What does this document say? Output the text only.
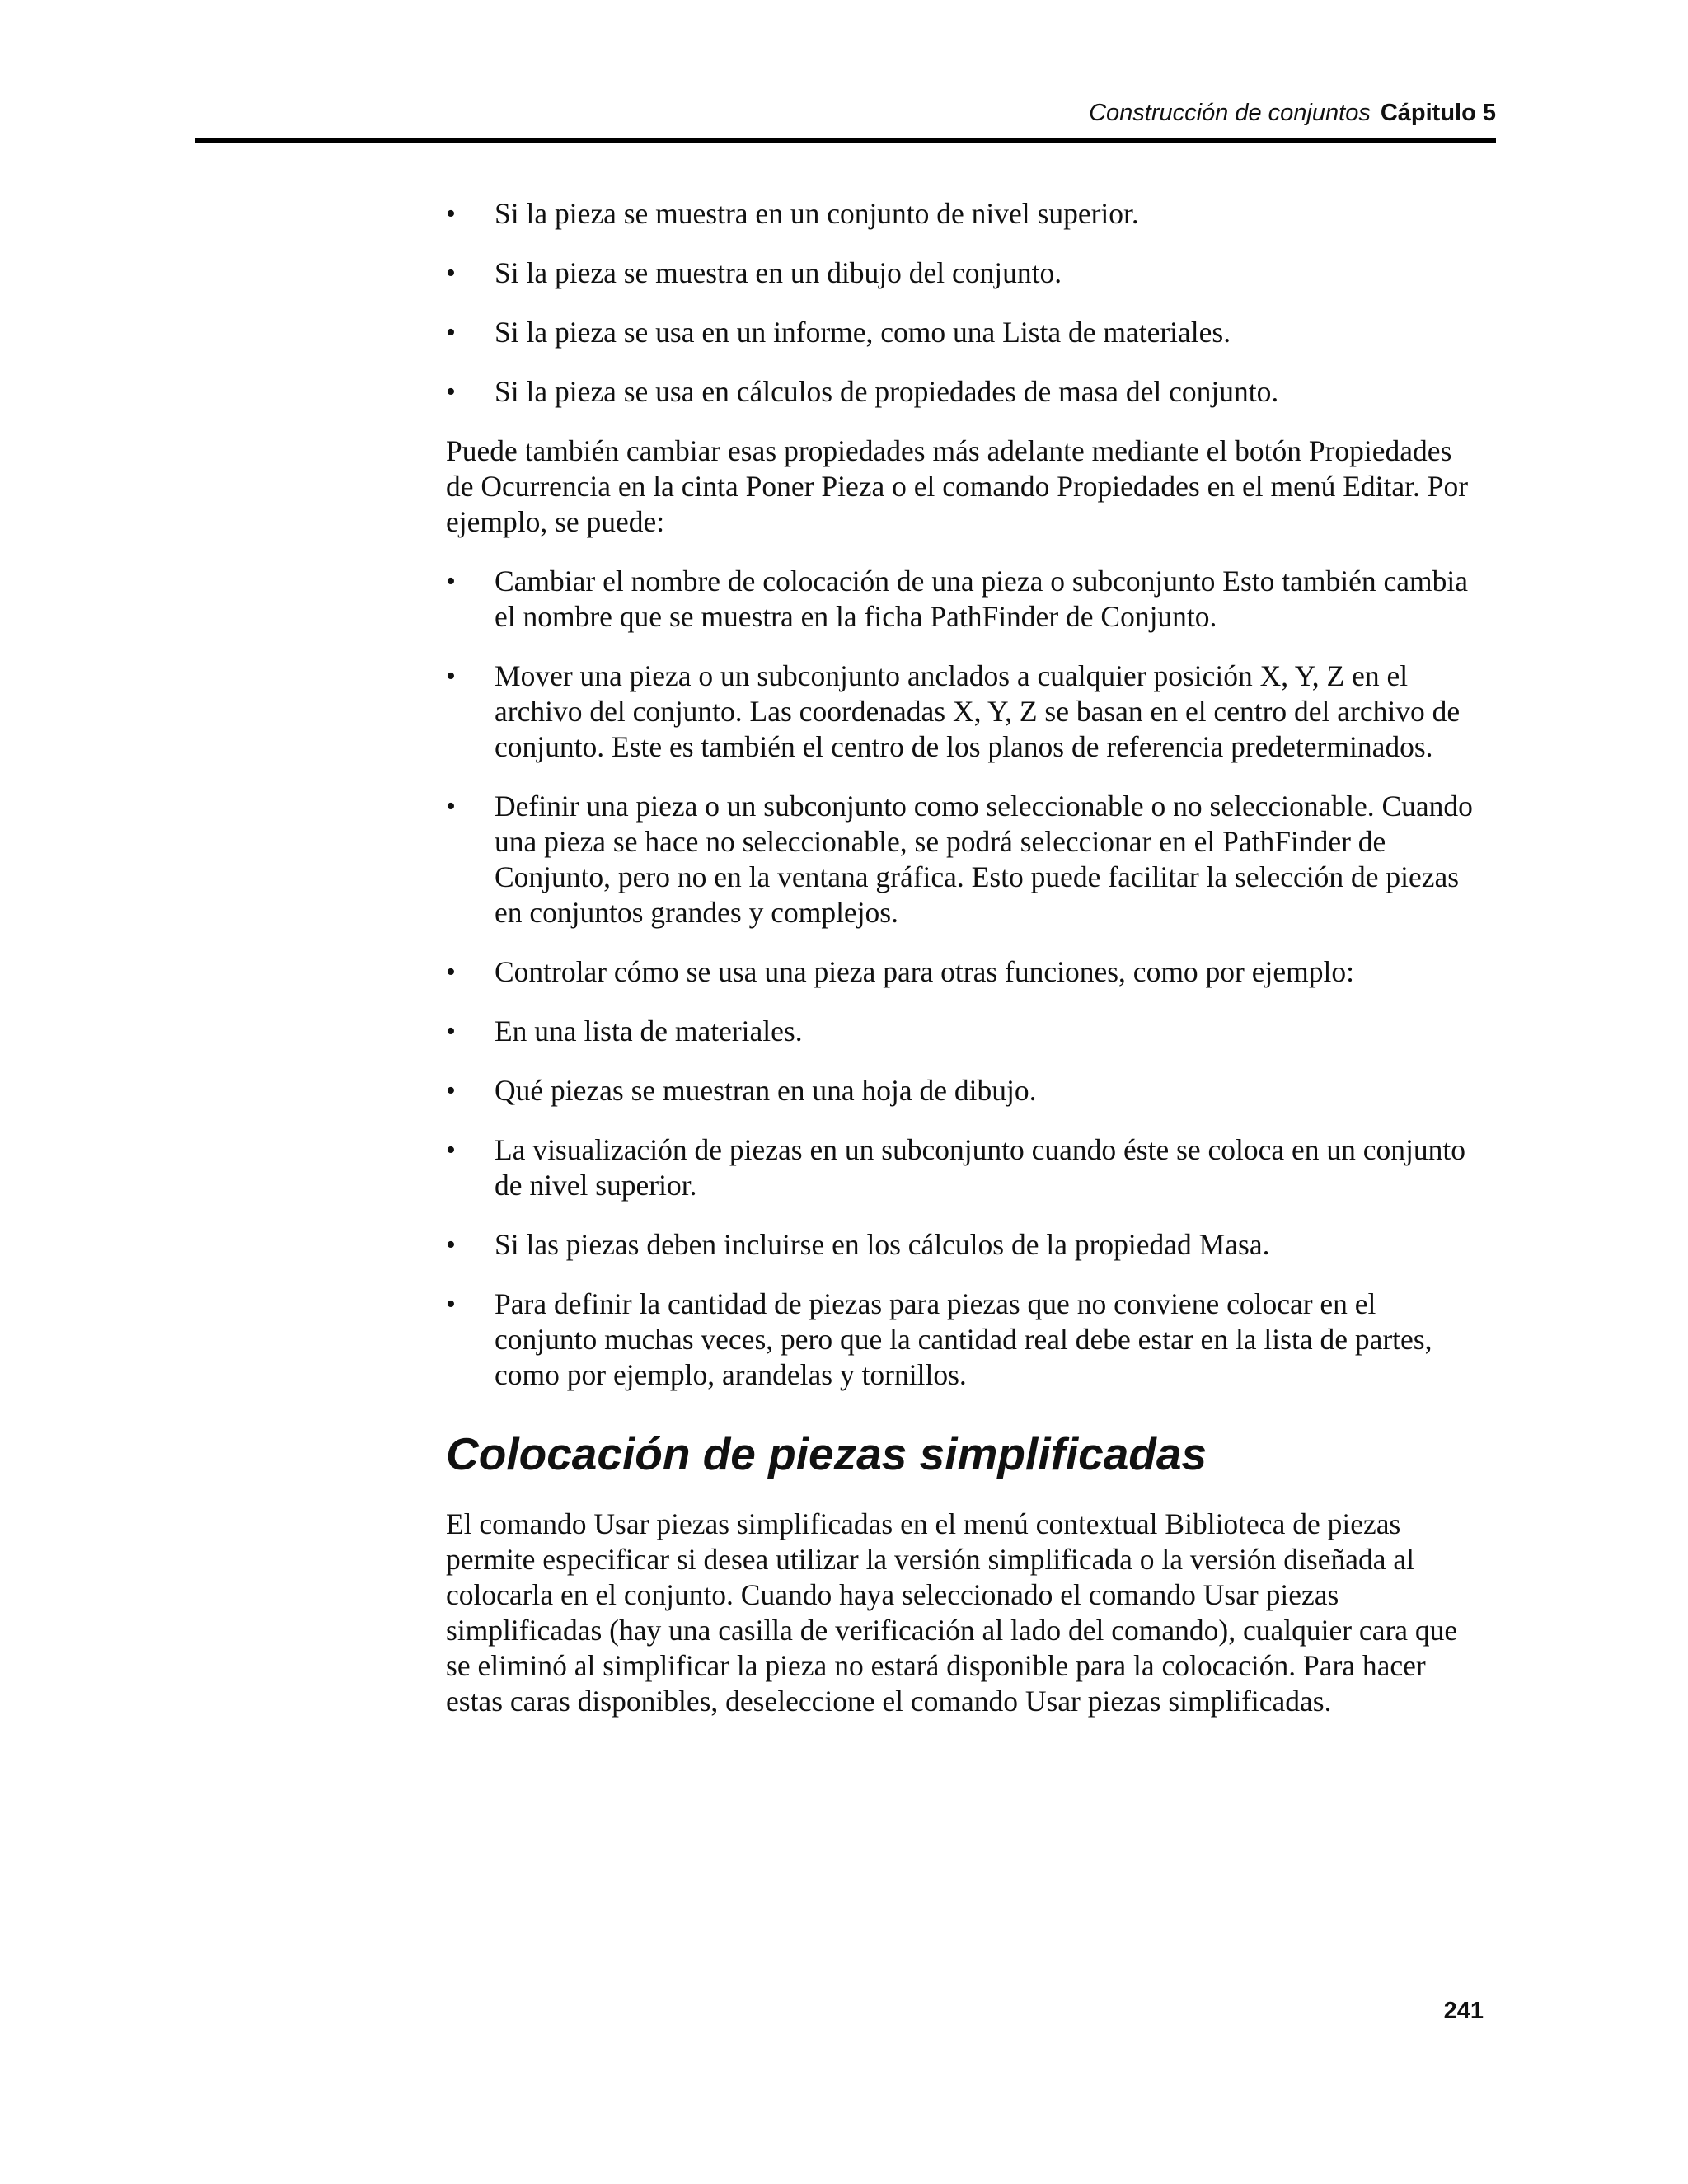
Construcción de conjuntos Cápitulo 5
•	Si la pieza se muestra en un conjunto de nivel superior.
•	Si la pieza se muestra en un dibujo del conjunto.
•	Si la pieza se usa en un informe, como una Lista de materiales.
•	Si la pieza se usa en cálculos de propiedades de masa del conjunto.

Puede también cambiar esas propiedades más adelante mediante el botón Propiedades de Ocurrencia en la cinta Poner Pieza o el comando Propiedades en el menú Editar. Por ejemplo, se puede:

•	Cambiar el nombre de colocación de una pieza o subconjunto Esto también cambia el nombre que se muestra en la ficha PathFinder de Conjunto.
•	Mover una pieza o un subconjunto anclados a cualquier posición X, Y, Z en el archivo del conjunto. Las coordenadas X, Y, Z se basan en el centro del archivo de conjunto. Este es también el centro de los planos de referencia predeterminados.
•	Definir una pieza o un subconjunto como seleccionable o no seleccionable. Cuando una pieza se hace no seleccionable, se podrá seleccionar en el PathFinder de Conjunto, pero no en la ventana gráfica. Esto puede facilitar la selección de piezas en conjuntos grandes y complejos.
•	Controlar cómo se usa una pieza para otras funciones, como por ejemplo:
•	En una lista de materiales.
•	Qué piezas se muestran en una hoja de dibujo.
•	La visualización de piezas en un subconjunto cuando éste se coloca en un conjunto de nivel superior.
•	Si las piezas deben incluirse en los cálculos de la propiedad Masa.
•	Para definir la cantidad de piezas para piezas que no conviene colocar en el conjunto muchas veces, pero que la cantidad real debe estar en la lista de partes, como por ejemplo, arandelas y tornillos.
Colocación de piezas simplificadas

El comando Usar piezas simplificadas en el menú contextual Biblioteca de piezas permite especificar si desea utilizar la versión simplificada o la versión diseñada al colocarla en el conjunto. Cuando haya seleccionado el comando Usar piezas simplificadas (hay una casilla de verificación al lado del comando), cualquier cara que se eliminó al simplificar la pieza no estará disponible para la colocación. Para hacer estas caras disponibles, deseleccione el comando Usar piezas simplificadas.

241
